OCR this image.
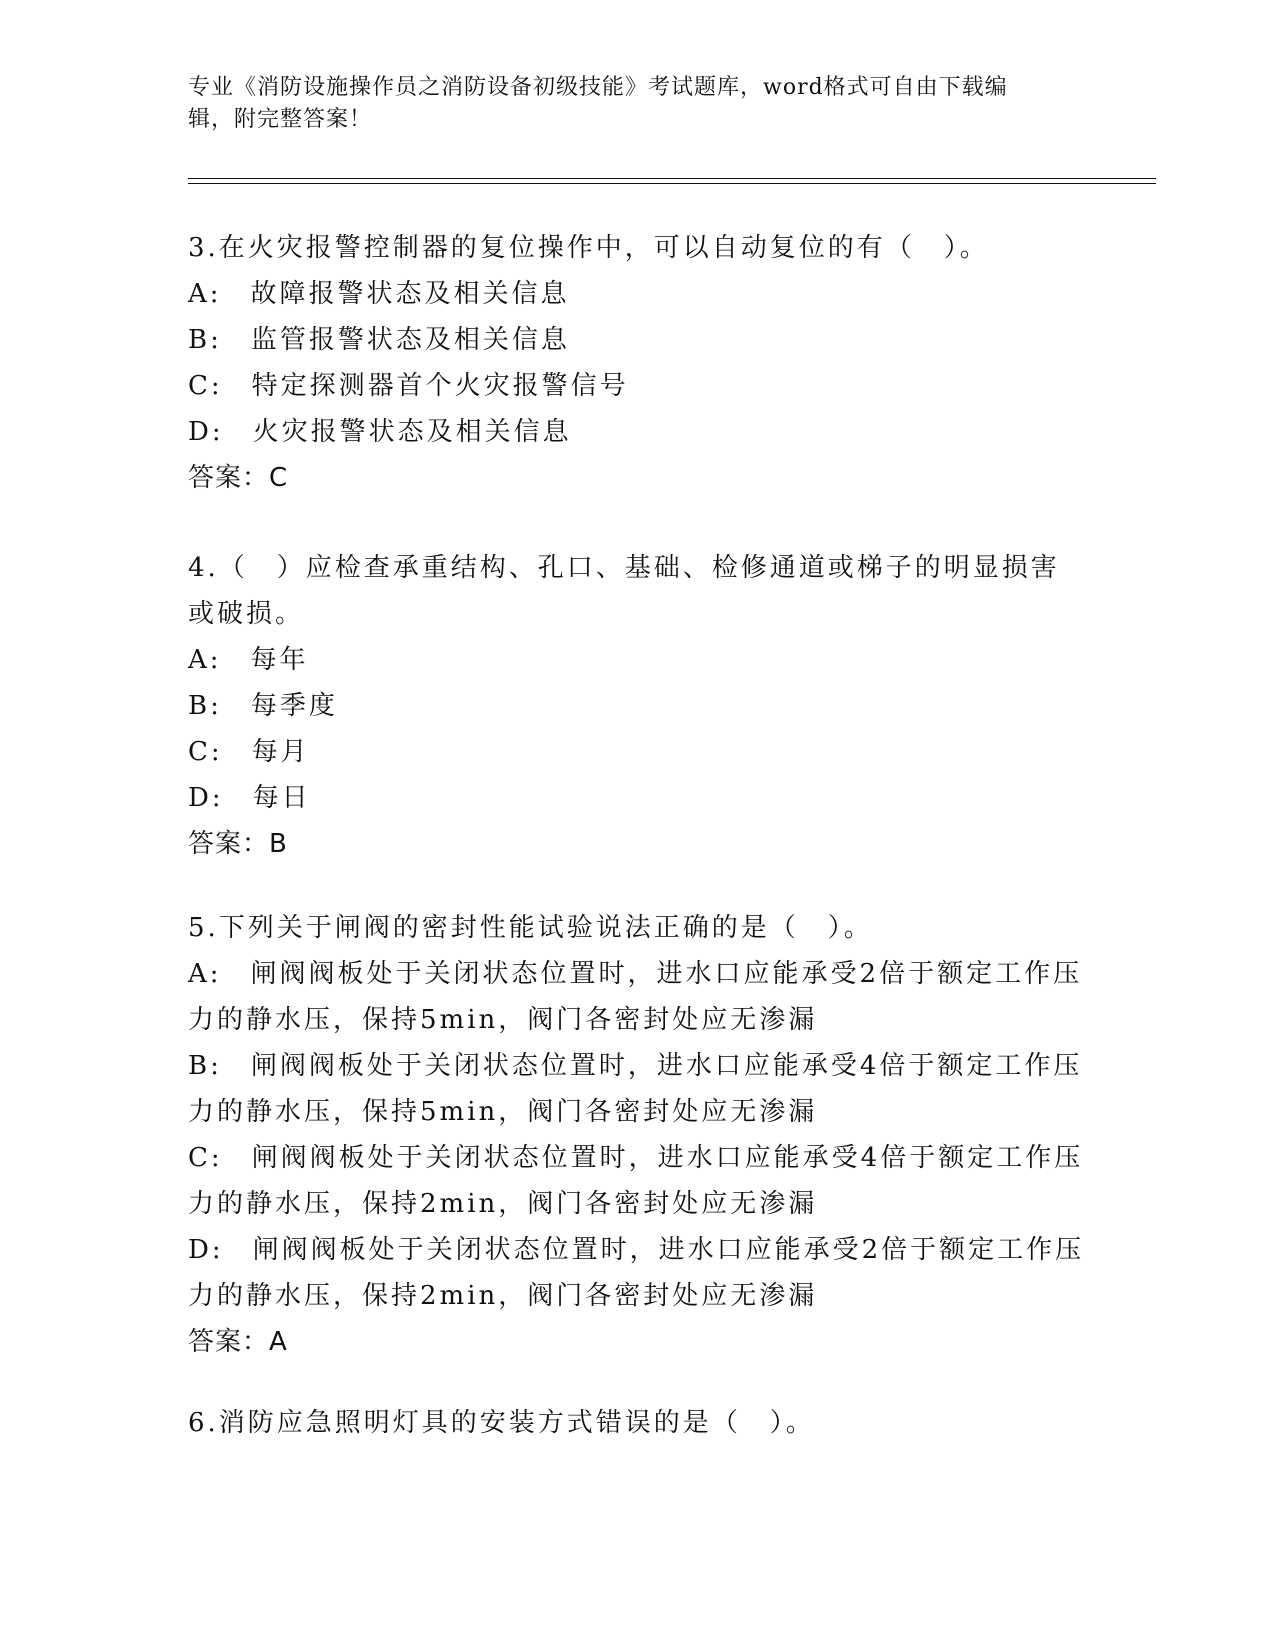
专业《消防设施操作员之消防设备初级技能》考试题库，word格式可自由下载编
辑，附完整答案！
3.在火灾报警控制器的复位操作中，可以自动复位的有（　）。
A:　故障报警状态及相关信息
B:　监管报警状态及相关信息
C:　特定探测器首个火灾报警信号
D:　火灾报警状态及相关信息
答案：C
4.（　）应检查承重结构、孔口、基础、检修通道或梯子的明显损害
或破损。
A:　每年
B:　每季度
C:　每月
D:　每日
答案：B
5.下列关于闸阀的密封性能试验说法正确的是（　）。
A:　闸阀阀板处于关闭状态位置时，进水口应能承受2倍于额定工作压
力的静水压，保持5min，阀门各密封处应无渗漏
B:　闸阀阀板处于关闭状态位置时，进水口应能承受4倍于额定工作压
力的静水压，保持5min，阀门各密封处应无渗漏
C:　闸阀阀板处于关闭状态位置时，进水口应能承受4倍于额定工作压
力的静水压，保持2min，阀门各密封处应无渗漏
D:　闸阀阀板处于关闭状态位置时，进水口应能承受2倍于额定工作压
力的静水压，保持2min，阀门各密封处应无渗漏
答案：A
6.消防应急照明灯具的安装方式错误的是（　）。
